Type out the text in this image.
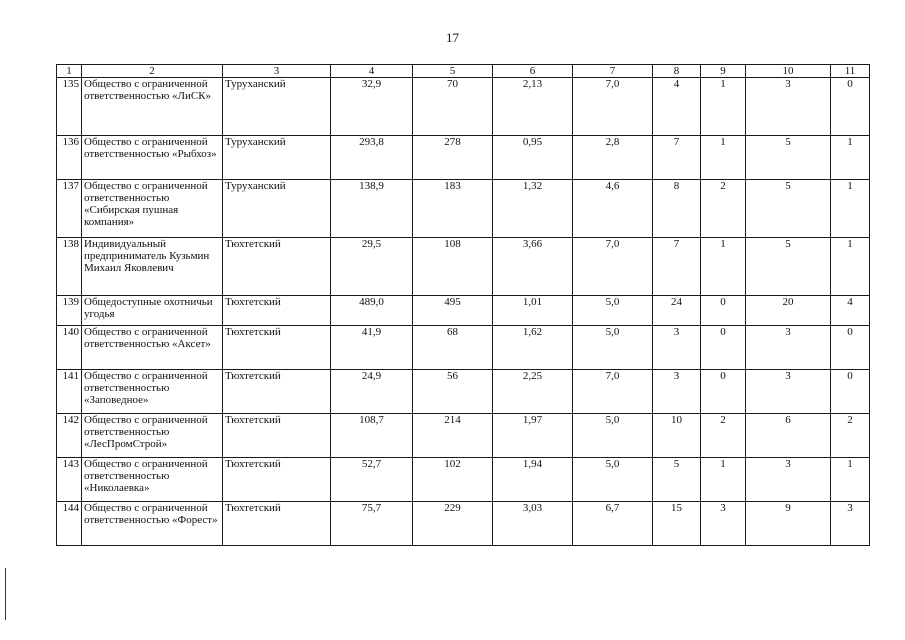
17
1	2	3	4	5	6	7	8	9	10	11
135	Общество с ограниченной ответственностью «ЛиСК»	Туруханский	32,9	70	2,13	7,0	4	1	3	0
136	Общество с ограниченной ответственностью «Рыбхоз»	Туруханский	293,8	278	0,95	2,8	7	1	5	1
137	Общество с ограниченной ответственностью «Сибирская пушная компания»	Туруханский	138,9	183	1,32	4,6	8	2	5	1
138	Индивидуальный предприниматель Кузьмин Михаил Яковлевич	Тюхтетский	29,5	108	3,66	7,0	7	1	5	1
139	Общедоступные охотничьи угодья	Тюхтетский	489,0	495	1,01	5,0	24	0	20	4
140	Общество с ограниченной ответственностью «Аксет»	Тюхтетский	41,9	68	1,62	5,0	3	0	3	0
141	Общество с ограниченной ответственностью «Заповедное»	Тюхтетский	24,9	56	2,25	7,0	3	0	3	0
142	Общество с ограниченной ответственностью «ЛесПромСтрой»	Тюхтетский	108,7	214	1,97	5,0	10	2	6	2
143	Общество с ограниченной ответственностью «Николаевка»	Тюхтетский	52,7	102	1,94	5,0	5	1	3	1
144	Общество с ограниченной ответственностью «Форест»	Тюхтетский	75,7	229	3,03	6,7	15	3	9	3
